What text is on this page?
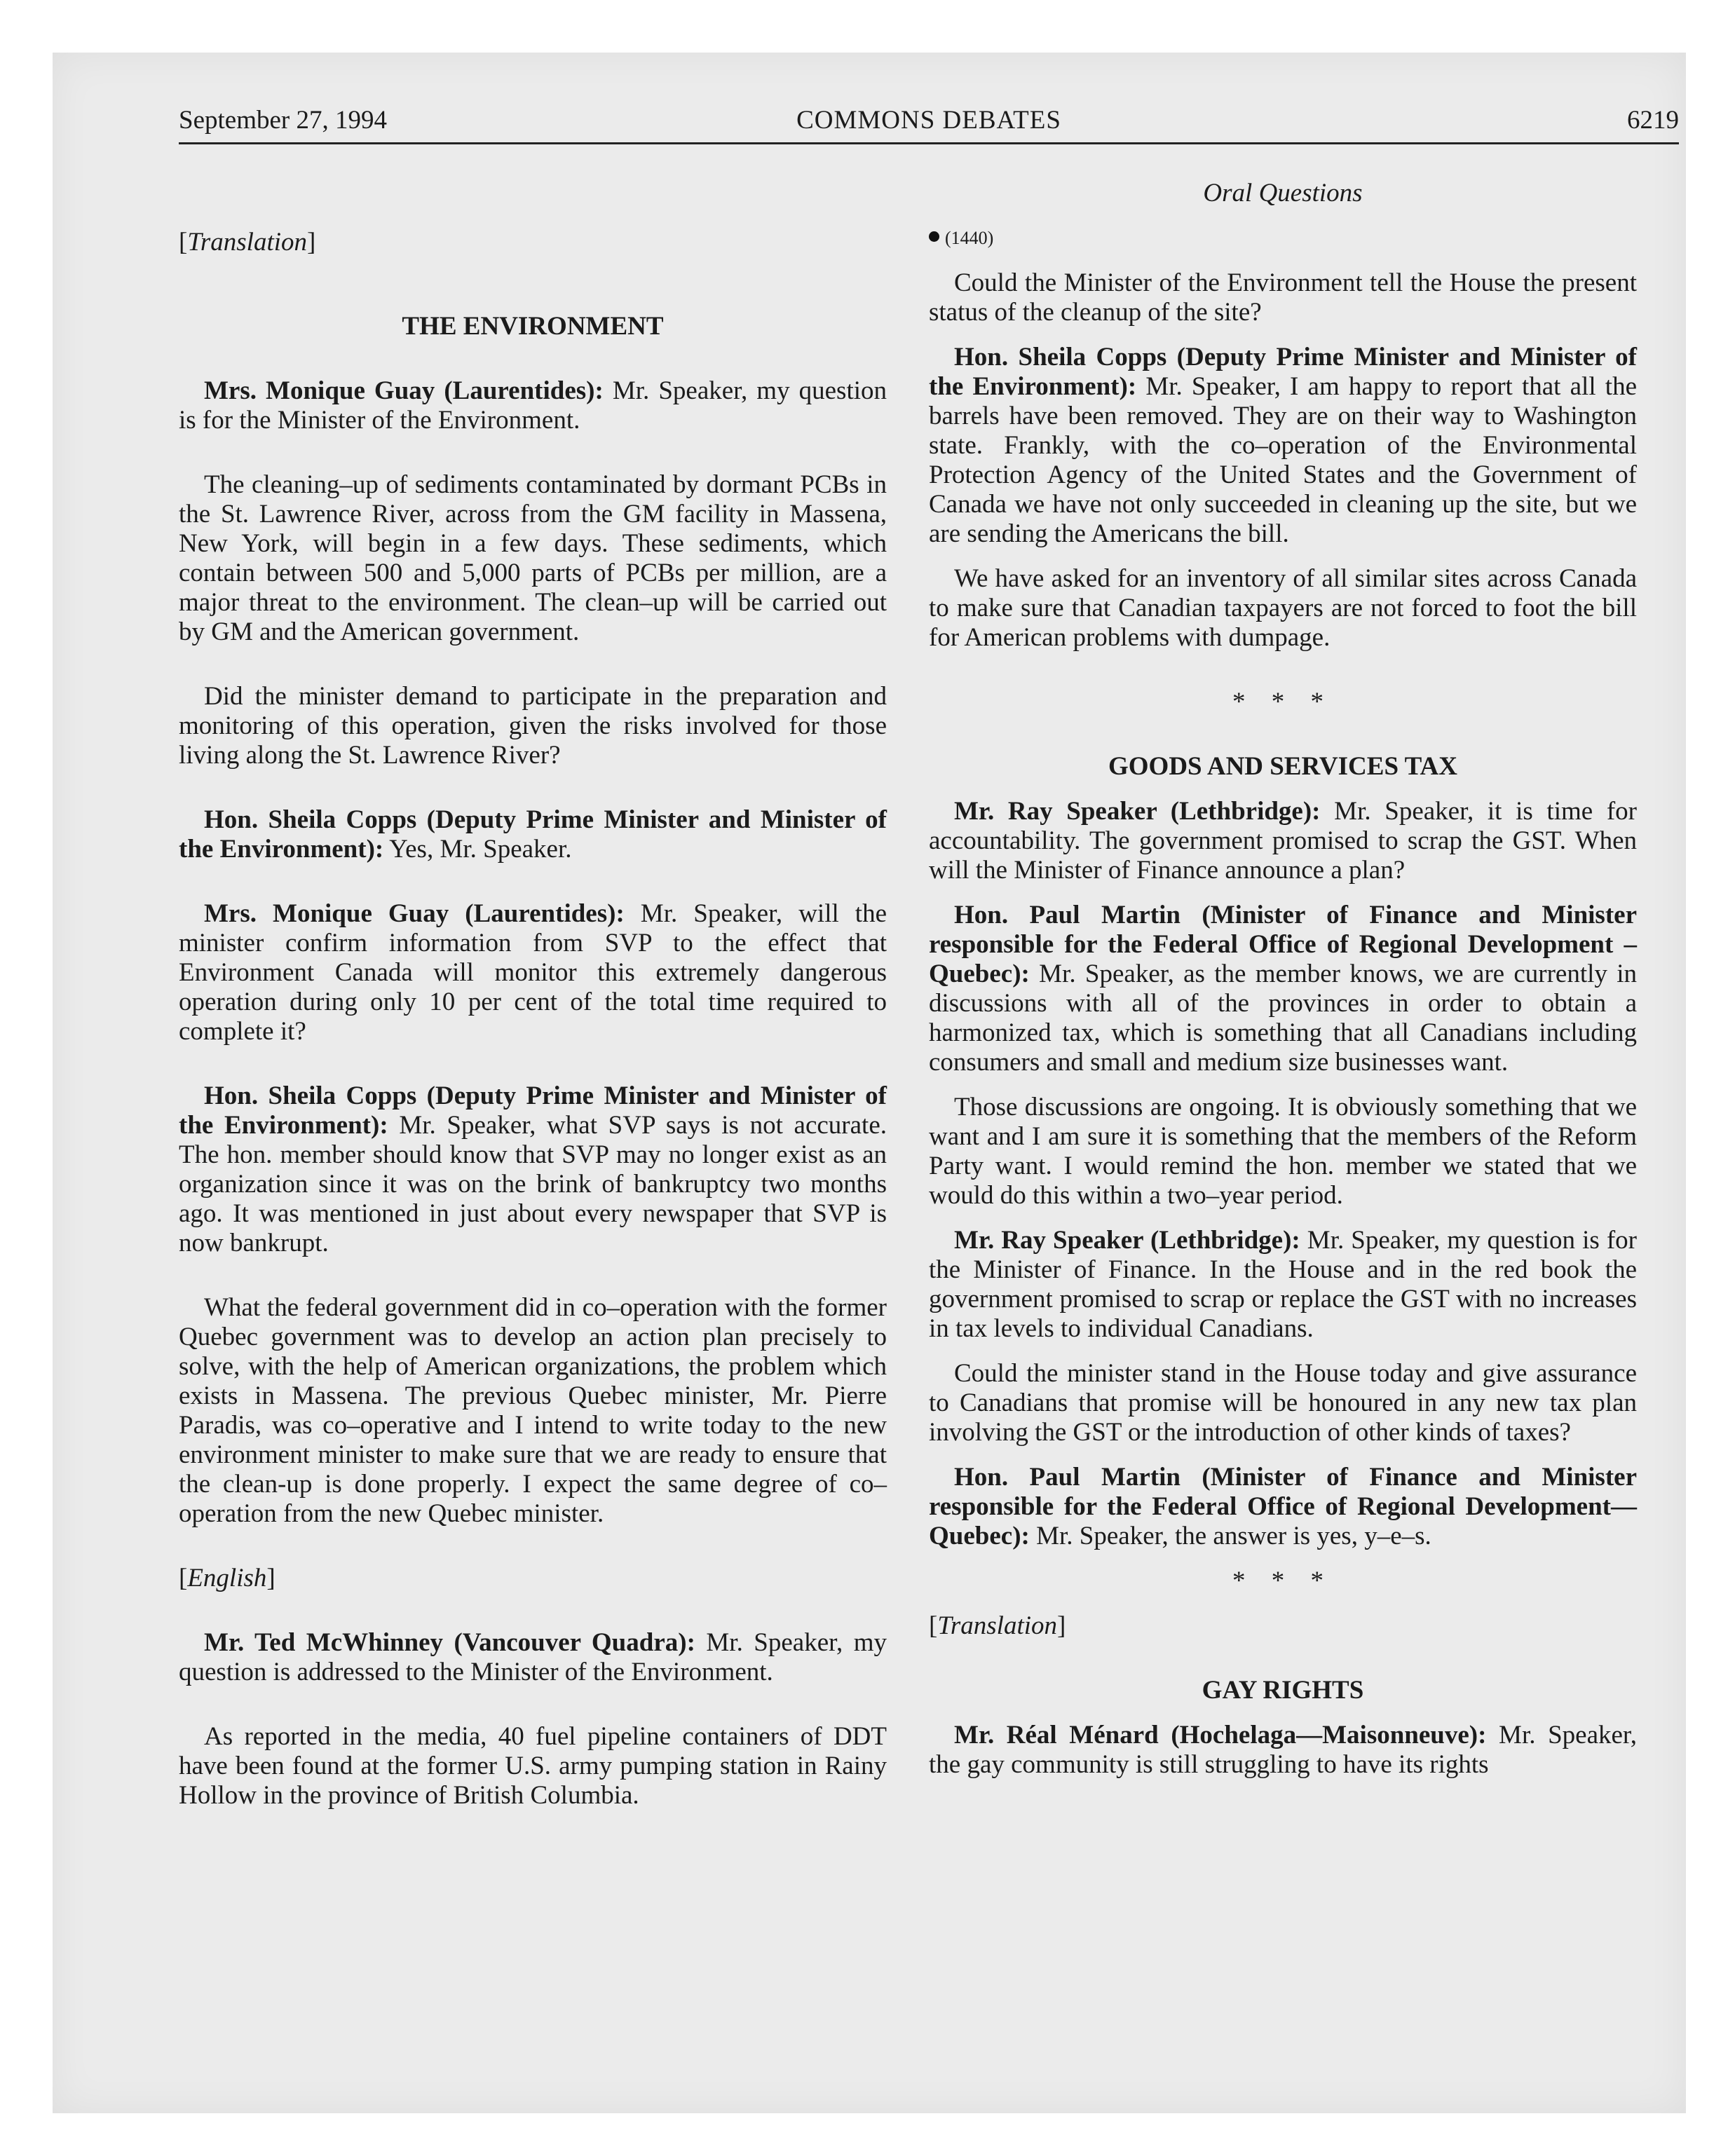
September 27, 1994	COMMONS DEBATES	6219

[Translation]

THE ENVIRONMENT

Mrs. Monique Guay (Laurentides): Mr. Speaker, my question is for the Minister of the Environment.

The cleaning–up of sediments contaminated by dormant PCBs in the St. Lawrence River, across from the GM facility in Massena, New York, will begin in a few days. These sediments, which contain between 500 and 5,000 parts of PCBs per million, are a major threat to the environment. The clean–up will be carried out by GM and the American government.

Did the minister demand to participate in the preparation and monitoring of this operation, given the risks involved for those living along the St. Lawrence River?

Hon. Sheila Copps (Deputy Prime Minister and Minister of the Environment): Yes, Mr. Speaker.

Mrs. Monique Guay (Laurentides): Mr. Speaker, will the minister confirm information from SVP to the effect that Environment Canada will monitor this extremely dangerous operation during only 10 per cent of the total time required to complete it?

Hon. Sheila Copps (Deputy Prime Minister and Minister of the Environment): Mr. Speaker, what SVP says is not accurate. The hon. member should know that SVP may no longer exist as an organization since it was on the brink of bankruptcy two months ago. It was mentioned in just about every newspaper that SVP is now bankrupt.

What the federal government did in co–operation with the former Quebec government was to develop an action plan precisely to solve, with the help of American organizations, the problem which exists in Massena. The previous Quebec minister, Mr. Pierre Paradis, was co–operative and I intend to write today to the new environment minister to make sure that we are ready to ensure that the clean-up is done properly. I expect the same degree of co–operation from the new Quebec minister.

[English]

Mr. Ted McWhinney (Vancouver Quadra): Mr. Speaker, my question is addressed to the Minister of the Environment.

As reported in the media, 40 fuel pipeline containers of DDT have been found at the former U.S. army pumping station in Rainy Hollow in the province of British Columbia.

Oral Questions

(1440)

Could the Minister of the Environment tell the House the present status of the cleanup of the site?

Hon. Sheila Copps (Deputy Prime Minister and Minister of the Environment): Mr. Speaker, I am happy to report that all the barrels have been removed. They are on their way to Washington state. Frankly, with the co–operation of the Environmental Protection Agency of the United States and the Government of Canada we have not only succeeded in cleaning up the site, but we are sending the Americans the bill.

We have asked for an inventory of all similar sites across Canada to make sure that Canadian taxpayers are not forced to foot the bill for American problems with dumpage.

* * *

GOODS AND SERVICES TAX

Mr. Ray Speaker (Lethbridge): Mr. Speaker, it is time for accountability. The government promised to scrap the GST. When will the Minister of Finance announce a plan?

Hon. Paul Martin (Minister of Finance and Minister responsible for the Federal Office of Regional Development –Quebec): Mr. Speaker, as the member knows, we are currently in discussions with all of the provinces in order to obtain a harmonized tax, which is something that all Canadians including consumers and small and medium size businesses want.

Those discussions are ongoing. It is obviously something that we want and I am sure it is something that the members of the Reform Party want. I would remind the hon. member we stated that we would do this within a two–year period.

Mr. Ray Speaker (Lethbridge): Mr. Speaker, my question is for the Minister of Finance. In the House and in the red book the government promised to scrap or replace the GST with no increases in tax levels to individual Canadians.

Could the minister stand in the House today and give assurance to Canadians that promise will be honoured in any new tax plan involving the GST or the introduction of other kinds of taxes?

Hon. Paul Martin (Minister of Finance and Minister responsible for the Federal Office of Regional Development—Quebec): Mr. Speaker, the answer is yes, y–e–s.

* * *

[Translation]

GAY RIGHTS

Mr. Réal Ménard (Hochelaga—Maisonneuve): Mr. Speaker, the gay community is still struggling to have its rights
